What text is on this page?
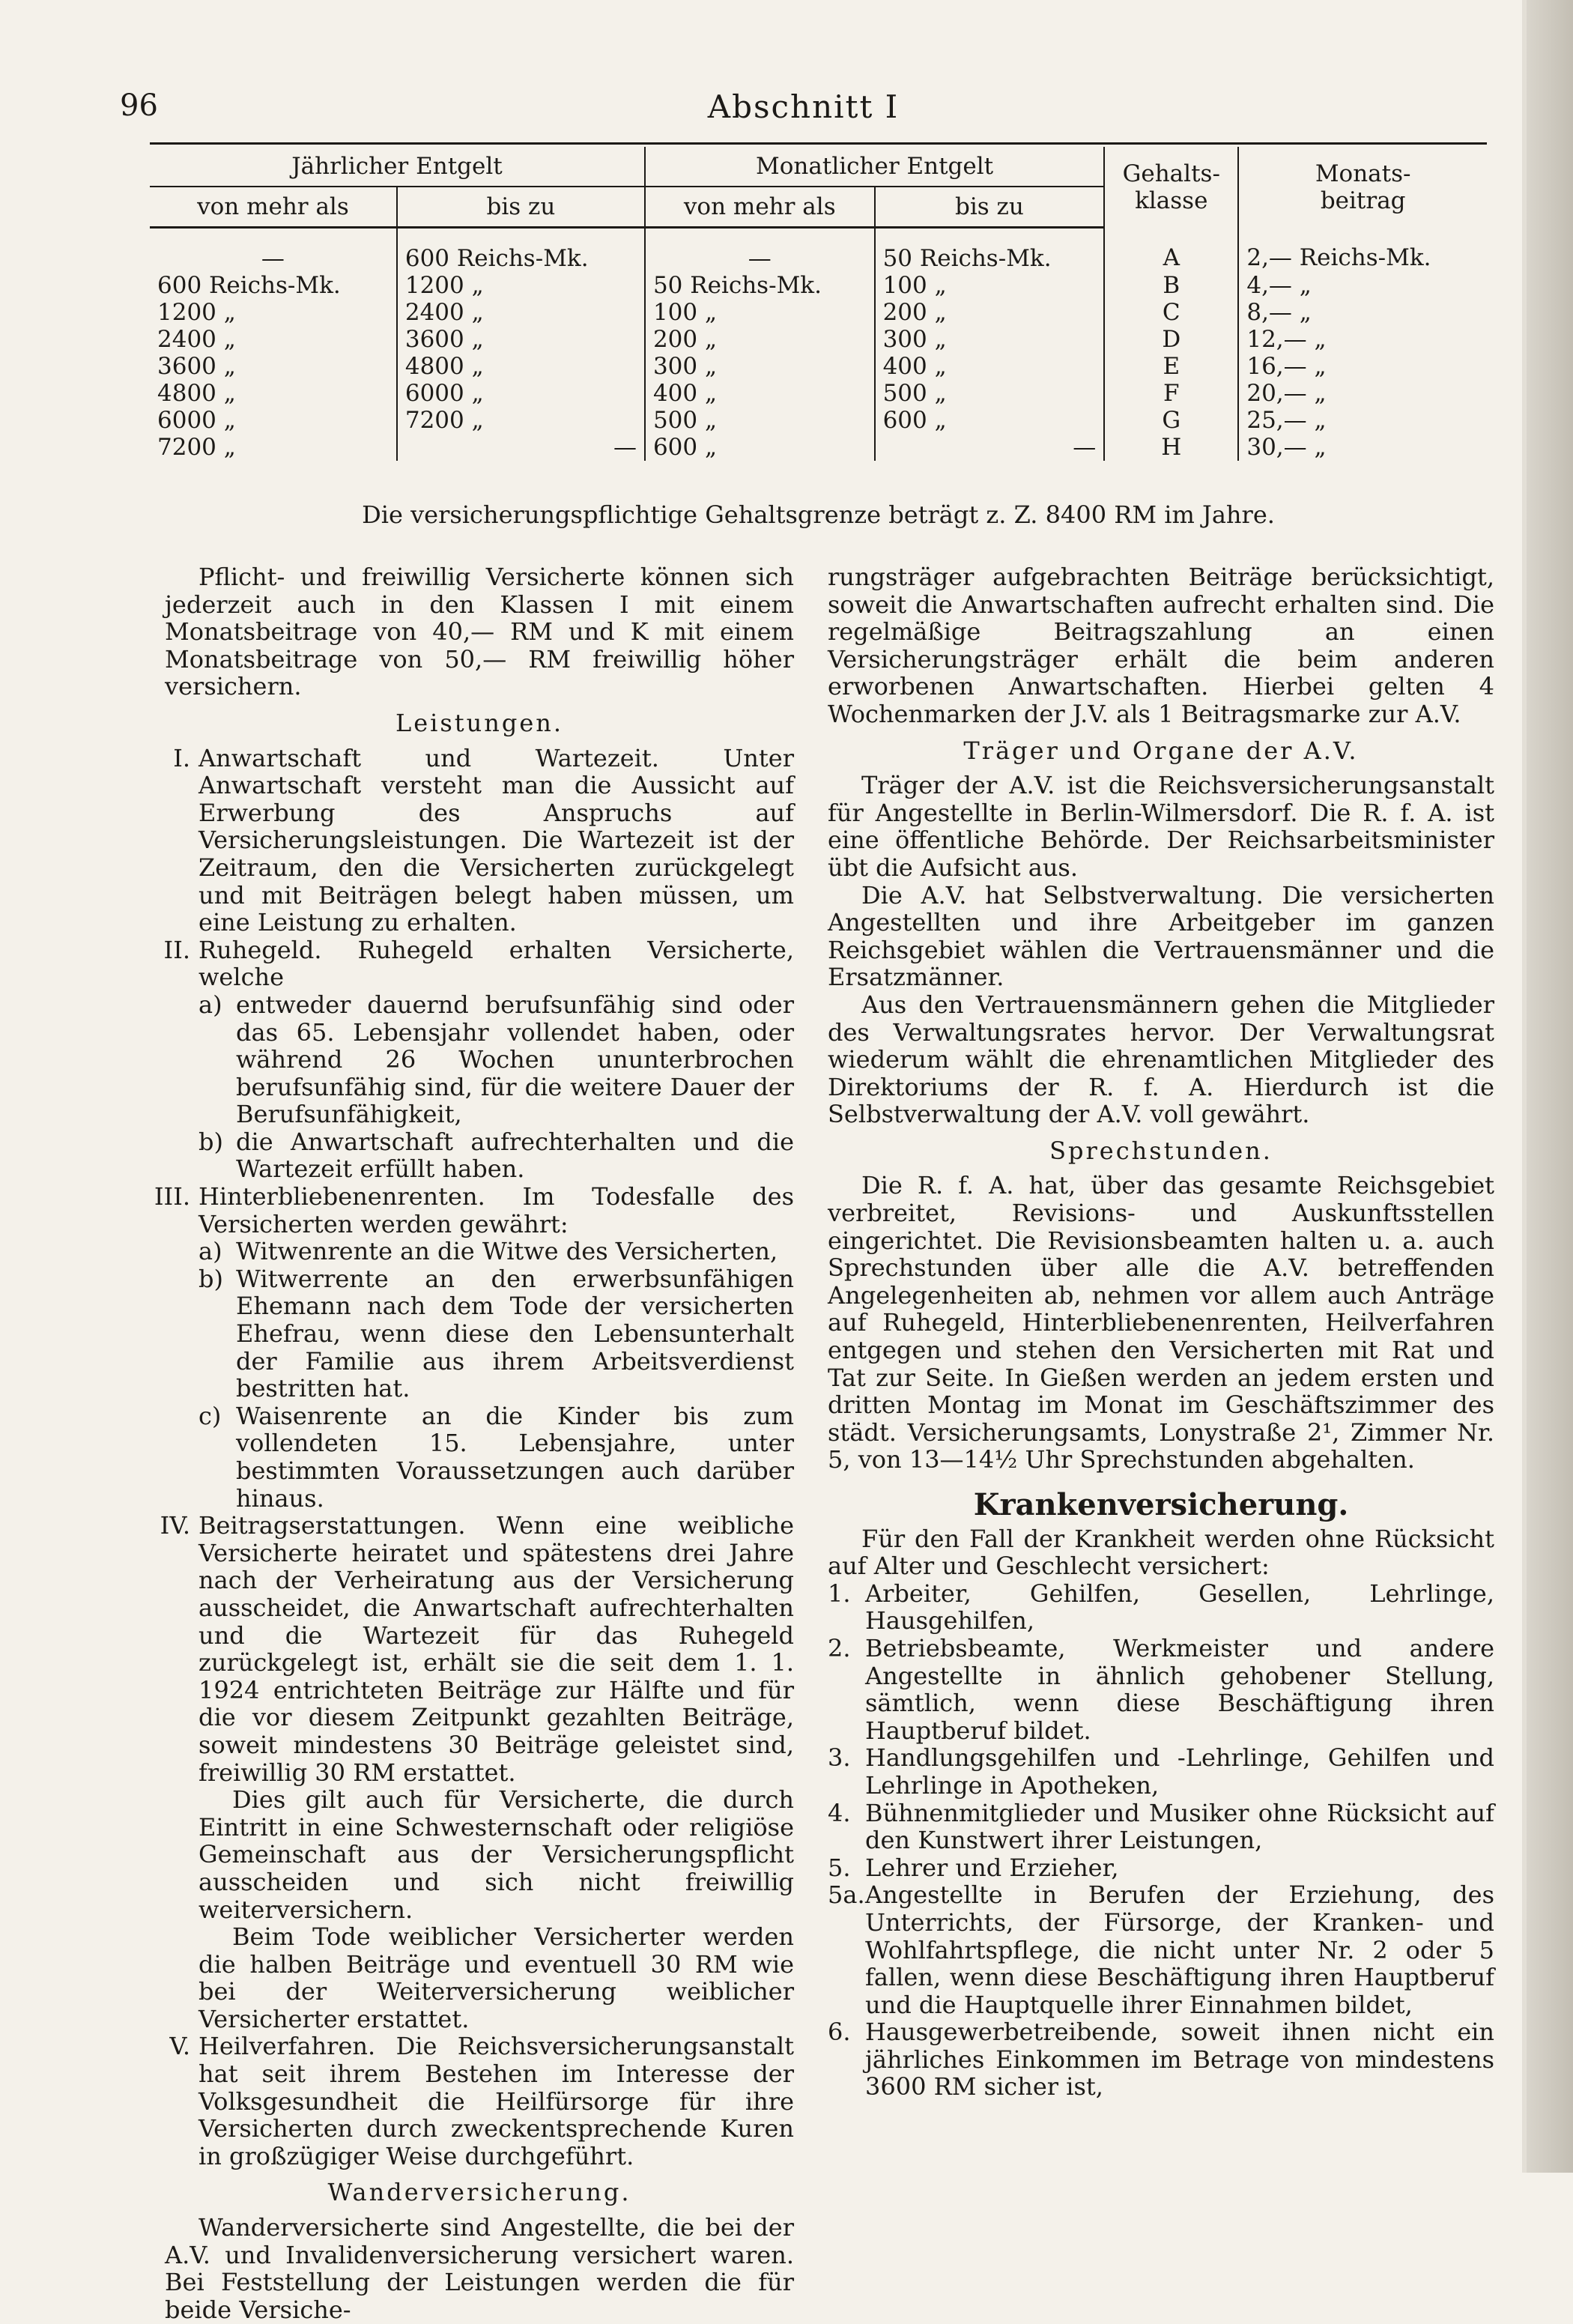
96	Abschnitt I
Jährlicher Entgelt		Monatlicher Entgelt		Gehalts-
klasse	Monats-
beitrag
von mehr als	bis zu	von mehr als	bis zu		
—	600 Reichs-Mk.	—	50 Reichs-Mk.	A	2,— Reichs-Mk.
600 Reichs-Mk.	1200 „	50 Reichs-Mk.	100 „	B	4,— „
1200 „	2400 „	100 „	200 „	C	8,— „
2400 „	3600 „	200 „	300 „	D	12,— „
3600 „	4800 „	300 „	400 „	E	16,— „
4800 „	6000 „	400 „	500 „	F	20,— „
6000 „	7200 „	500 „	600 „	G	25,— „
7200 „	—	600 „	—	H	30,— „
Die versicherungspflichtige Gehaltsgrenze beträgt z. Z. 8400 RM im Jahre.

Pflicht- und freiwillig Versicherte können sich jederzeit auch in den Klassen I mit einem Monatsbeitrage von 40,— RM und K mit einem Monatsbeitrage von 50,— RM freiwillig höher versichern.

Leistungen.
I. Anwartschaft und Wartezeit. Unter Anwartschaft versteht man die Aussicht auf Erwerbung des Anspruchs auf Versicherungsleistungen. Die Wartezeit ist der Zeitraum, den die Versicherten zurückgelegt und mit Beiträgen belegt haben müssen, um eine Leistung zu erhalten.

II. Ruhegeld. Ruhegeld erhalten Versicherte, welche

a) entweder dauernd berufsunfähig sind oder das 65. Lebensjahr vollendet haben, oder während 26 Wochen ununterbrochen berufsunfähig sind, für die weitere Dauer der Berufsunfähigkeit,

b) die Anwartschaft aufrechterhalten und die Wartezeit erfüllt haben.

III. Hinterbliebenenrenten. Im Todesfalle des Versicherten werden gewährt:

a) Witwenrente an die Witwe des Versicherten,

b) Witwerrente an den erwerbsunfähigen Ehemann nach dem Tode der versicherten Ehefrau, wenn diese den Lebensunterhalt der Familie aus ihrem Arbeitsverdienst bestritten hat.

c) Waisenrente an die Kinder bis zum vollendeten 15. Lebensjahre, unter bestimmten Voraussetzungen auch darüber hinaus.

IV. Beitragserstattungen. Wenn eine weibliche Versicherte heiratet und spätestens drei Jahre nach der Verheiratung aus der Versicherung ausscheidet, die Anwartschaft aufrechterhalten und die Wartezeit für das Ruhegeld zurückgelegt ist, erhält sie die seit dem 1. 1. 1924 entrichteten Beiträge zur Hälfte und für die vor diesem Zeitpunkt gezahlten Beiträge, soweit mindestens 30 Beiträge geleistet sind, freiwillig 30 RM erstattet.

Dies gilt auch für Versicherte, die durch Eintritt in eine Schwesternschaft oder religiöse Gemeinschaft aus der Versicherungspflicht ausscheiden und sich nicht freiwillig weiterversichern.

Beim Tode weiblicher Versicherter werden die halben Beiträge und eventuell 30 RM wie bei der Weiterversicherung weiblicher Versicherter erstattet.

V. Heilverfahren. Die Reichsversicherungsanstalt hat seit ihrem Bestehen im Interesse der Volksgesundheit die Heilfürsorge für ihre Versicherten durch zweckentsprechende Kuren in großzügiger Weise durchgeführt.

Wanderversicherung.

Wanderversicherte sind Angestellte, die bei der A.V. und Invalidenversicherung versichert waren. Bei Feststellung der Leistungen werden die für beide Versiche-

rungsträger aufgebrachten Beiträge berücksichtigt, soweit die Anwartschaften aufrecht erhalten sind. Die regelmäßige Beitragszahlung an einen Versicherungsträger erhält die beim anderen erworbenen Anwartschaften. Hierbei gelten 4 Wochenmarken der J.V. als 1 Beitragsmarke zur A.V.

Träger und Organe der A.V.

Träger der A.V. ist die Reichsversicherungsanstalt für Angestellte in Berlin-Wilmersdorf. Die R. f. A. ist eine öffentliche Behörde. Der Reichsarbeitsminister übt die Aufsicht aus.

Die A.V. hat Selbstverwaltung. Die versicherten Angestellten und ihre Arbeitgeber im ganzen Reichsgebiet wählen die Vertrauensmänner und die Ersatzmänner.

Aus den Vertrauensmännern gehen die Mitglieder des Verwaltungsrates hervor. Der Verwaltungsrat wiederum wählt die ehrenamtlichen Mitglieder des Direktoriums der R. f. A. Hierdurch ist die Selbstverwaltung der A.V. voll gewährt.

Sprechstunden.

Die R. f. A. hat, über das gesamte Reichsgebiet verbreitet, Revisions- und Auskunftsstellen eingerichtet. Die Revisionsbeamten halten u. a. auch Sprechstunden über alle die A.V. betreffenden Angelegenheiten ab, nehmen vor allem auch Anträge auf Ruhegeld, Hinterbliebenenrenten, Heilverfahren entgegen und stehen den Versicherten mit Rat und Tat zur Seite. In Gießen werden an jedem ersten und dritten Montag im Monat im Geschäftszimmer des städt. Versicherungsamts, Lonystraße 2¹, Zimmer Nr. 5, von 13—14½ Uhr Sprechstunden abgehalten.

Krankenversicherung.

Für den Fall der Krankheit werden ohne Rücksicht auf Alter und Geschlecht versichert:

1. Arbeiter, Gehilfen, Gesellen, Lehrlinge, Hausgehilfen,

2. Betriebsbeamte, Werkmeister und andere Angestellte in ähnlich gehobener Stellung, sämtlich, wenn diese Beschäftigung ihren Hauptberuf bildet.

3. Handlungsgehilfen und -Lehrlinge, Gehilfen und Lehrlinge in Apotheken,

4. Bühnenmitglieder und Musiker ohne Rücksicht auf den Kunstwert ihrer Leistungen,

5. Lehrer und Erzieher,

5a. Angestellte in Berufen der Erziehung, des Unterrichts, der Fürsorge, der Kranken- und Wohlfahrtspflege, die nicht unter Nr. 2 oder 5 fallen, wenn diese Beschäftigung ihren Hauptberuf und die Hauptquelle ihrer Einnahmen bildet,

6. Hausgewerbetreibende, soweit ihnen nicht ein jährliches Einkommen im Betrage von mindestens 3600 RM sicher ist,
